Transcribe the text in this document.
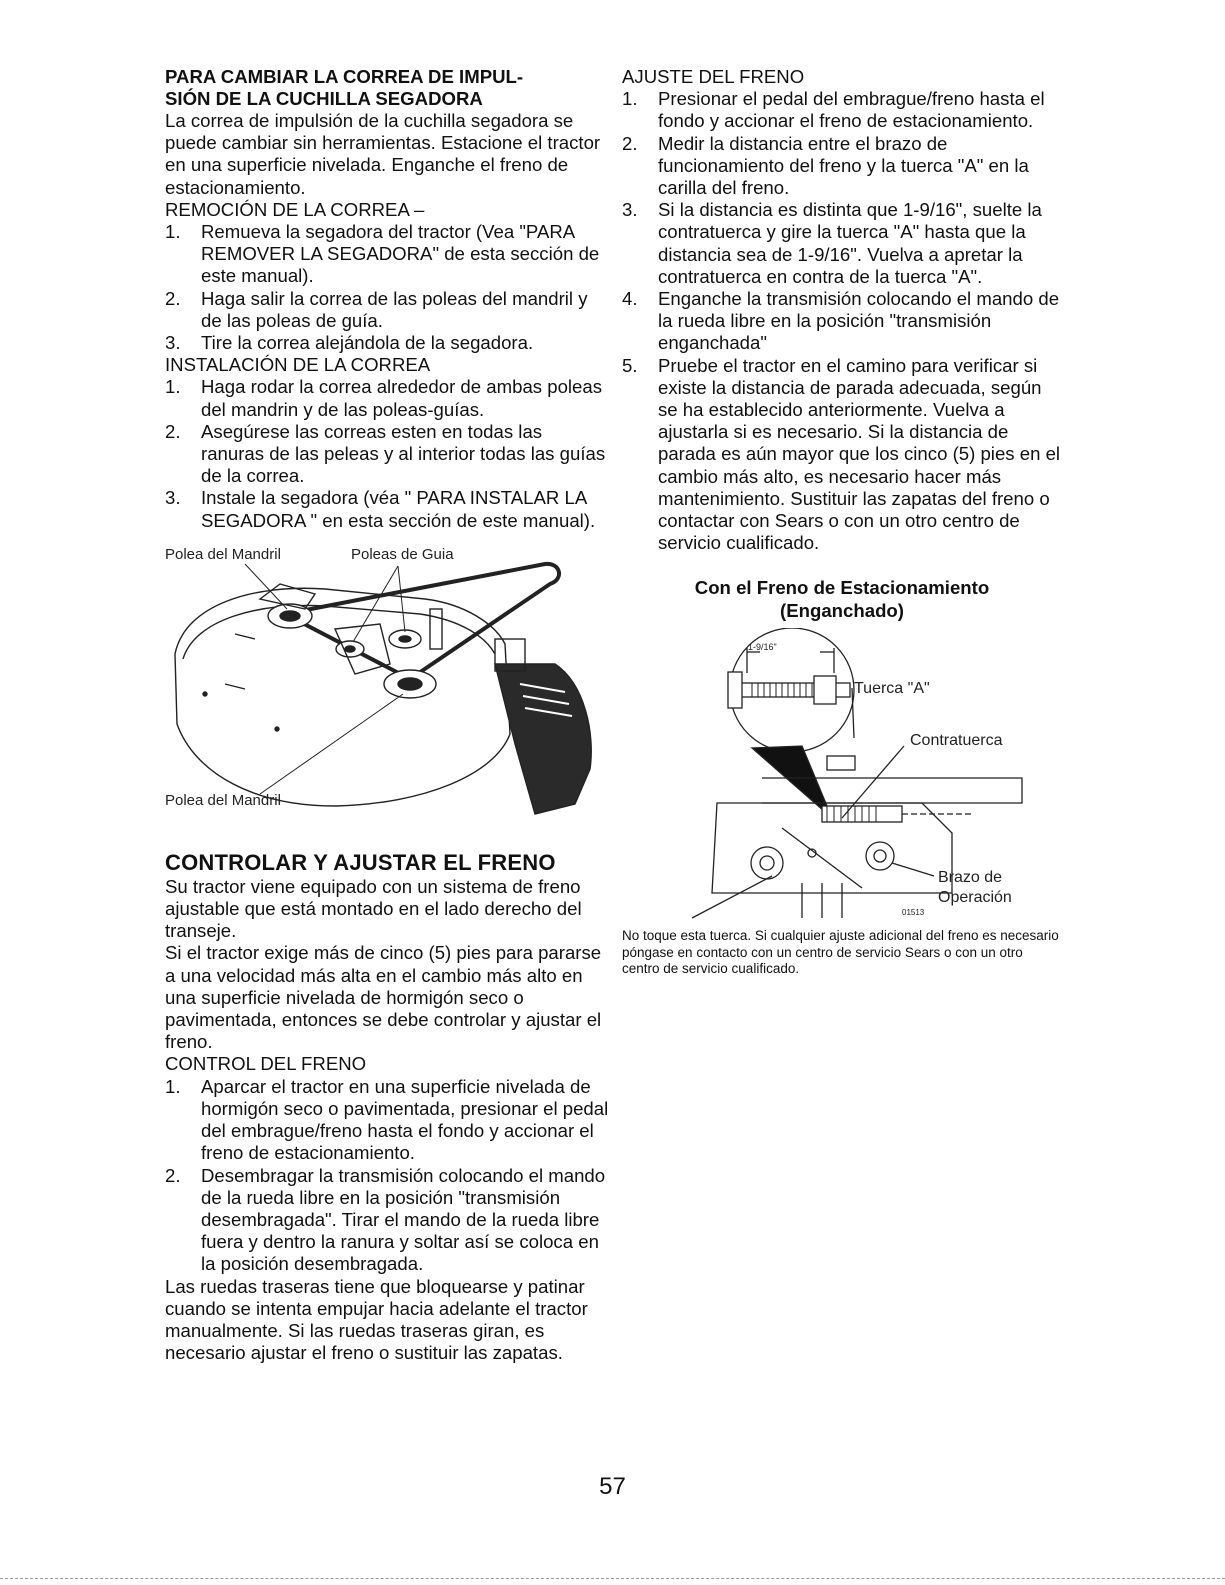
PARA CAMBIAR LA CORREA DE IMPUL-

SIÓN DE LA CUCHILLA SEGADORA

La correa de impulsión de la cuchilla segadora se puede cambiar sin herramientas. Estacione el tractor en una superficie nivelada. Enganche el freno de estacionamiento.

REMOCIÓN DE LA CORREA –

1. Remueva la segadora del tractor (Vea "PARA REMOVER LA SEGADORA" de esta sección de este manual).
2. Haga salir la correa de las poleas del mandril y de las poleas de guía.
3. Tire la correa alejándola de la segadora.

INSTALACIÓN DE LA CORREA

1. Haga rodar la correa alrededor de ambas poleas del mandrin y de las poleas-guías.
2. Asegúrese las correas esten en todas las ranuras de las peleas y al interior todas las guías de la correa.
3. Instale la segadora (véa " PARA INSTALAR LA SEGADORA " en esta sección de este manual).
Polea del Mandril	Poleas de Guia
Polea del Mandril

CONTROLAR Y AJUSTAR EL FRENO

Su tractor viene equipado con un sistema de freno ajustable que está montado en el lado derecho del transeje.

Si el tractor exige más de cinco (5) pies para pararse a una velocidad más alta en el cambio más alto en una superficie nivelada de hormigón seco o pavimentada, entonces se debe controlar y ajustar el freno.

CONTROL DEL FRENO

1. Aparcar el tractor en una superficie nivelada de hormigón seco o pavimentada, presionar el pedal del embrague/freno hasta el fondo y accionar el freno de estacionamiento.
2. Desembragar la transmisión colocando el mando de la rueda libre en la posición "transmisión desembragada". Tirar el mando de la rueda libre fuera y dentro la ranura y soltar así se coloca en la posición desembragada.

Las ruedas traseras tiene que bloquearse y patinar cuando se intenta empujar hacia adelante el tractor manualmente. Si las ruedas traseras giran, es necesario ajustar el freno o sustituir las zapatas.

AJUSTE DEL FRENO

1. Presionar el pedal del embrague/freno hasta el fondo y accionar el freno de estacionamiento.
2. Medir la distancia entre el brazo de funcionamiento del freno y la tuerca "A" en la carilla del freno.
3. Si la distancia es distinta que 1-9/16", suelte la contratuerca y gire la tuerca "A" hasta que la distancia sea de 1-9/16". Vuelva a apretar la contratuerca en contra de la tuerca "A".
4. Enganche la transmisión colocando el mando de la rueda libre en la posición "transmisión enganchada"
5. Pruebe el tractor en el camino para verificar si existe la distancia de parada adecuada, según se ha establecido anteriormente. Vuelva a ajustarla si es necesario. Si la distancia de parada es aún mayor que los cinco (5) pies en el cambio más alto, es necesario hacer más mantenimiento. Sustituir las zapatas del freno o contactar con Sears o con un otro centro de servicio cualificado.

Con el Freno de Estacionamiento

(Enganchado)

1-9/16"
Tuerca "A"
Contratuerca
Brazo de
Operación
01513

No toque esta tuerca. Si cualquier ajuste adicional del freno es necesario póngase en contacto con un centro de servicio Sears o con un otro centro de servicio cualificado.

57
